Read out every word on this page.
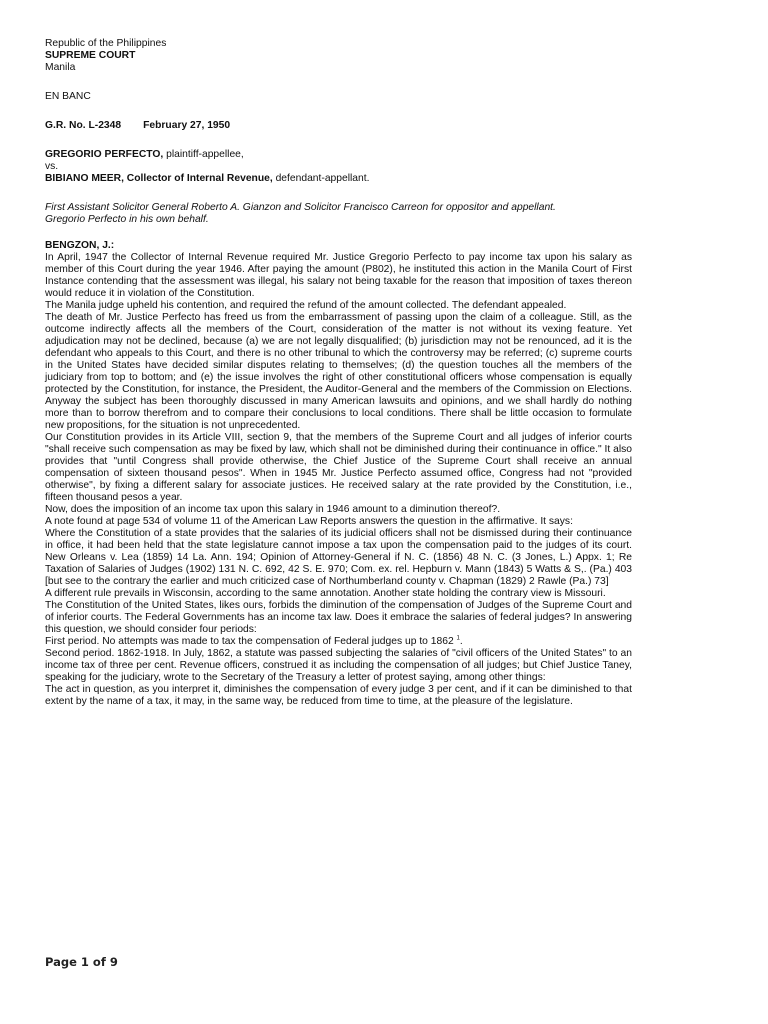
Republic of the Philippines
SUPREME COURT
Manila
EN BANC
G.R. No. L-2348 February 27, 1950
GREGORIO PERFECTO, plaintiff-appellee,
vs.
BIBIANO MEER, Collector of Internal Revenue, defendant-appellant.
First Assistant Solicitor General Roberto A. Gianzon and Solicitor Francisco Carreon for oppositor and appellant.
Gregorio Perfecto in his own behalf.
BENGZON, J.:

In April, 1947 the Collector of Internal Revenue required Mr. Justice Gregorio Perfecto to pay income tax upon his salary as member of this Court during the year 1946. After paying the amount (P802), he instituted this action in the Manila Court of First Instance contending that the assessment was illegal, his salary not being taxable for the reason that imposition of taxes thereon would reduce it in violation of the Constitution.

The Manila judge upheld his contention, and required the refund of the amount collected. The defendant appealed.

The death of Mr. Justice Perfecto has freed us from the embarrassment of passing upon the claim of a colleague. Still, as the outcome indirectly affects all the members of the Court, consideration of the matter is not without its vexing feature. Yet adjudication may not be declined, because (a) we are not legally disqualified; (b) jurisdiction may not be renounced, ad it is the defendant who appeals to this Court, and there is no other tribunal to which the controversy may be referred; (c) supreme courts in the United States have decided similar disputes relating to themselves; (d) the question touches all the members of the judiciary from top to bottom; and (e) the issue involves the right of other constitutional officers whose compensation is equally protected by the Constitution, for instance, the President, the Auditor-General and the members of the Commission on Elections. Anyway the subject has been thoroughly discussed in many American lawsuits and opinions, and we shall hardly do nothing more than to borrow therefrom and to compare their conclusions to local conditions. There shall be little occasion to formulate new propositions, for the situation is not unprecedented.

Our Constitution provides in its Article VIII, section 9, that the members of the Supreme Court and all judges of inferior courts "shall receive such compensation as may be fixed by law, which shall not be diminished during their continuance in office." It also provides that "until Congress shall provide otherwise, the Chief Justice of the Supreme Court shall receive an annual compensation of sixteen thousand pesos". When in 1945 Mr. Justice Perfecto assumed office, Congress had not "provided otherwise", by fixing a different salary for associate justices. He received salary at the rate provided by the Constitution, i.e., fifteen thousand pesos a year.

Now, does the imposition of an income tax upon this salary in 1946 amount to a diminution thereof?.

A note found at page 534 of volume 11 of the American Law Reports answers the question in the affirmative. It says:

Where the Constitution of a state provides that the salaries of its judicial officers shall not be dismissed during their continuance in office, it had been held that the state legislature cannot impose a tax upon the compensation paid to the judges of its court. New Orleans v. Lea (1859) 14 La. Ann. 194; Opinion of Attorney-General if N. C. (1856) 48 N. C. (3 Jones, L.) Appx. 1; Re Taxation of Salaries of Judges (1902) 131 N. C. 692, 42 S. E. 970; Com. ex. rel. Hepburn v. Mann (1843) 5 Watts & S,. (Pa.) 403 [but see to the contrary the earlier and much criticized case of Northumberland county v. Chapman (1829) 2 Rawle (Pa.) 73]`

A different rule prevails in Wisconsin, according to the same annotation. Another state holding the contrary view is Missouri.

The Constitution of the United States, likes ours, forbids the diminution of the compensation of Judges of the Supreme Court and of inferior courts. The Federal Governments has an income tax law. Does it embrace the salaries of federal judges? In answering this question, we should consider four periods:

First period. No attempts was made to tax the compensation of Federal judges up to 1862 $^1$.

Second period. 1862-1918. In July, 1862, a statute was passed subjecting the salaries of "civil officers of the United States" to an income tax of three per cent. Revenue officers, construed it as including the compensation of all judges; but Chief Justice Taney, speaking for the judiciary, wrote to the Secretary of the Treasury a letter of protest saying, among other things:

The act in question, as you interpret it, diminishes the compensation of every judge 3 per cent, and if it can be diminished to that extent by the name of a tax, it may, in the same way, be reduced from time to time, at the pleasure of the legislature.

Page 1 of 9
